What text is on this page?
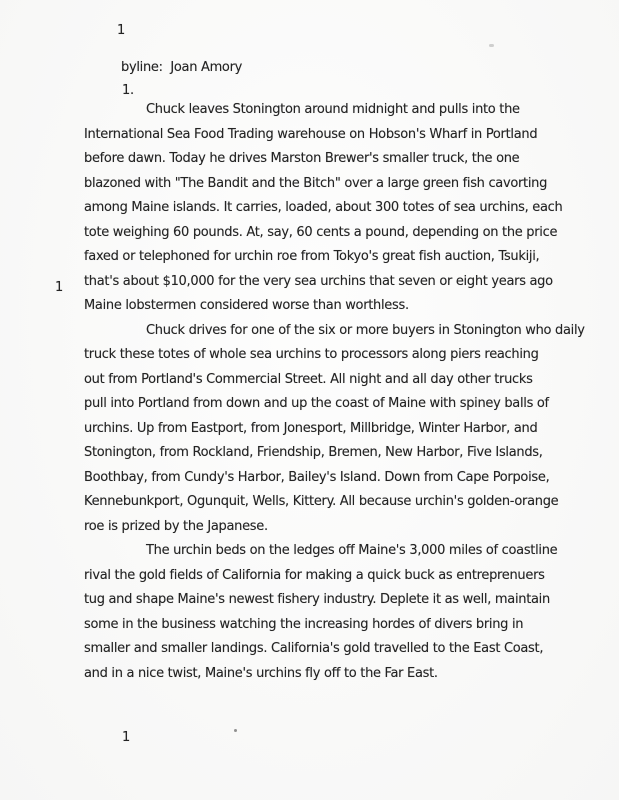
1
byline:  Joan Amory
1.
1
Chuck leaves Stonington around midnight and pulls into the
International Sea Food Trading warehouse on Hobson's Wharf in Portland
before dawn. Today he drives Marston Brewer's smaller truck, the one
blazoned with "The Bandit and the Bitch" over a large green fish cavorting
among Maine islands. It carries, loaded, about 300 totes of sea urchins, each
tote weighing 60 pounds. At, say, 60 cents a pound, depending on the price
faxed or telephoned for urchin roe from Tokyo's great fish auction, Tsukiji,
that's about $10,000 for the very sea urchins that seven or eight years ago
Maine lobstermen considered worse than worthless.
Chuck drives for one of the six or more buyers in Stonington who daily
truck these totes of whole sea urchins to processors along piers reaching
out from Portland's Commercial Street. All night and all day other trucks
pull into Portland from down and up the coast of Maine with spiney balls of
urchins. Up from Eastport, from Jonesport, Millbridge, Winter Harbor, and
Stonington, from Rockland, Friendship, Bremen, New Harbor, Five Islands,
Boothbay, from Cundy's Harbor, Bailey's Island. Down from Cape Porpoise,
Kennebunkport, Ogunquit, Wells, Kittery. All because urchin's golden-orange
roe is prized by the Japanese.
The urchin beds on the ledges off Maine's 3,000 miles of coastline
rival the gold fields of California for making a quick buck as entreprenuers
tug and shape Maine's newest fishery industry. Deplete it as well, maintain
some in the business watching the increasing hordes of divers bring in
smaller and smaller landings. California's gold travelled to the East Coast,
and in a nice twist, Maine's urchins fly off to the Far East.
1
